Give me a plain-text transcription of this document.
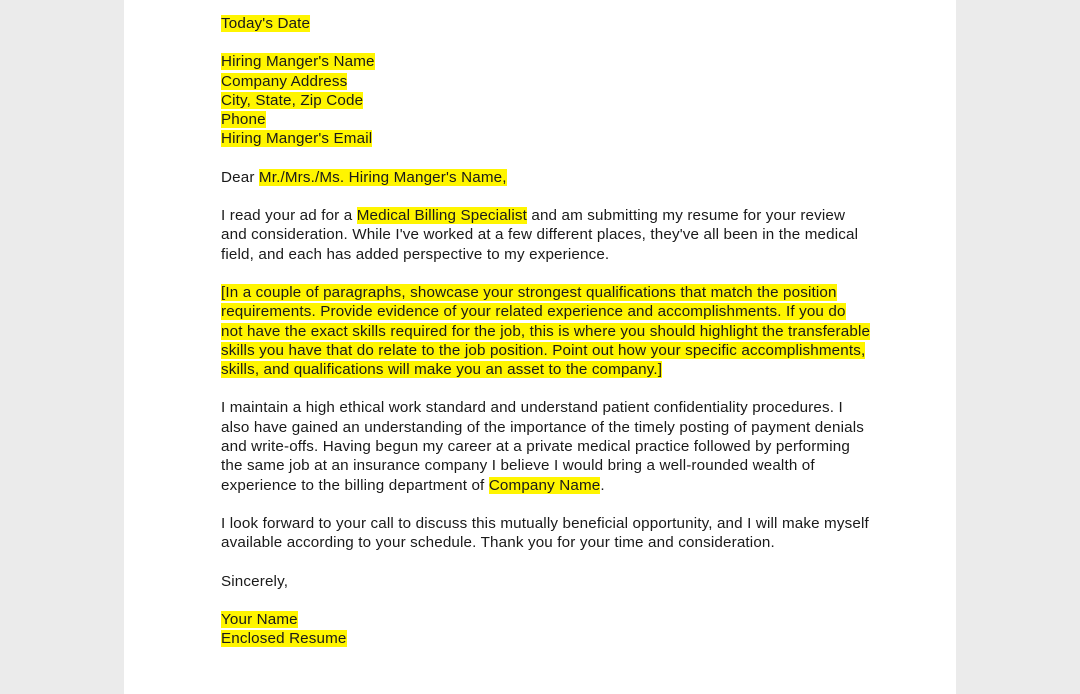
Today's Date
Hiring Manger's Name
Company Address
City, State, Zip Code
Phone
Hiring Manger's Email
Dear Mr./Mrs./Ms. Hiring Manger's Name,
I read your ad for a Medical Billing Specialist and am submitting my resume for your review and consideration. While I've worked at a few different places, they've all been in the medical field, and each has added perspective to my experience.
[In a couple of paragraphs, showcase your strongest qualifications that match the position requirements. Provide evidence of your related experience and accomplishments. If you do not have the exact skills required for the job, this is where you should highlight the transferable skills you have that do relate to the job position. Point out how your specific accomplishments, skills, and qualifications will make you an asset to the company.]
I maintain a high ethical work standard and understand patient confidentiality procedures. I also have gained an understanding of the importance of the timely posting of payment denials and write-offs. Having begun my career at a private medical practice followed by performing the same job at an insurance company I believe I would bring a well-rounded wealth of experience to the billing department of Company Name.
I look forward to your call to discuss this mutually beneficial opportunity, and I will make myself available according to your schedule. Thank you for your time and consideration.
Sincerely,
Your Name
Enclosed Resume
